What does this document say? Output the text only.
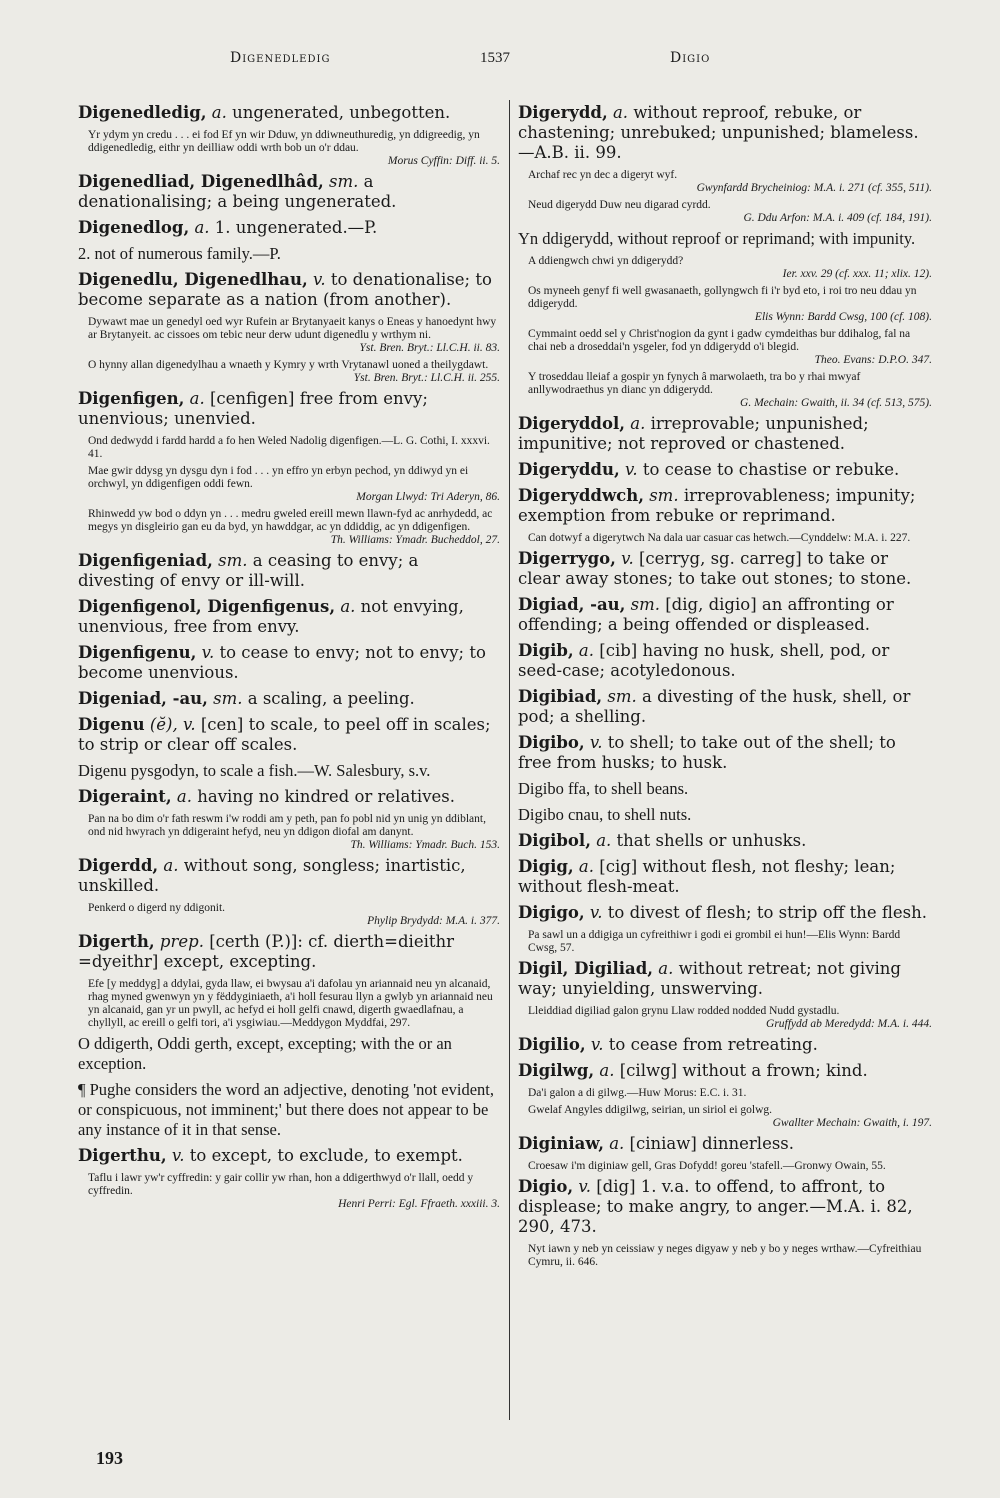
Digenedledig	1537	Digio
Digenedledig, a. ungenerated, unbegotten.
Yr ydym yn credu . . . ei fod Ef yn wir Dduw, yn ddiwneuthuredig, yn ddigreedig, yn ddigenedledig, eithr yn deilliaw oddi wrth bob un o'r ddau.
Morus Cyffin: Diff. ii. 5.
Digenedliad, Digenedlhâd, sm. a denationalising; a being ungenerated.
Digenedlog, a. 1. ungenerated.—P.
2. not of numerous family.—P.
Digenedlu, Digenedlhau, v. to denationalise; to become separate as a nation (from another).
Dywawt mae un genedyl oed wyr Rufein ar Brytanyaeit kanys o Eneas y hanoedynt hwy ar Brytanyeit. ac cissoes om tebic neur derw udunt digenedlu y wrthym ni.
Yst. Bren. Bryt.: Ll.C.H. ii. 83.
O hynny allan digenedylhau a wnaeth y Kymry y wrth Vrytanawl uoned a theilygdawt.
Yst. Bren. Bryt.: Ll.C.H. ii. 255.
Digenfigen, a. [cenfigen] free from envy; unenvious; unenvied.
Ond dedwydd i fardd hardd a fo hen Weled Nadolig digenfigen.—L. G. Cothi, I. xxxvi. 41.
Mae gwir ddysg yn dysgu dyn i fod . . . yn effro yn erbyn pechod, yn ddiwyd yn ei orchwyl, yn ddigenfigen oddi fewn.
Morgan Llwyd: Tri Aderyn, 86.
Rhinwedd yw bod o ddyn yn . . . medru gweled ereill mewn llawn-fyd ac anrhydedd, ac megys yn disgleirio gan eu da byd, yn hawddgar, ac yn ddiddig, ac yn ddigenfigen.
Th. Williams: Ymadr. Bucheddol, 27.
Digenfigeniad, sm. a ceasing to envy; a divesting of envy or ill-will.
Digenfigenol, Digenfigenus, a. not envying, unenvious, free from envy.
Digenfigenu, v. to cease to envy; not to envy; to become unenvious.
Digeniad, -au, sm. a scaling, a peeling.
Digenu (ĕ), v. [cen] to scale, to peel off in scales; to strip or clear off scales.
Digenu pysgodyn, to scale a fish.—W. Salesbury, s.v.
Digeraint, a. having no kindred or relatives.
Pan na bo dim o'r fath reswm i'w roddi am y peth, pan fo pobl nid yn unig yn ddiblant, ond nid hwyrach yn ddigeraint hefyd, neu yn ddigon diofal am danynt.
Th. Williams: Ymadr. Buch. 153.
Digerdd, a. without song, songless; inartistic, unskilled.
Penkerd o digerd ny ddigonit.
Phylip Brydydd: M.A. i. 377.
Digerth, prep. [certh (P.)]: cf. dierth=dieithr =dyeithr] except, excepting.
Efe [y meddyg] a ddylai, gyda llaw, ei bwysau a'i dafolau yn ariannaid neu yn alcanaid, rhag myned gwenwyn yn y fëddyginiaeth, a'i holl fesurau llyn a gwlyb yn ariannaid neu yn alcanaid, gan yr un pwyll, ac hefyd ei holl gelfi cnawd, digerth gwaedlafnau, a chyllyll, ac ereill o gelfi tori, a'i ysgiwiau.—Meddygon Myddfai, 297.
O ddigerth, Oddi gerth, except, excepting; with the or an exception.
¶ Pughe considers the word an adjective, denoting 'not evident, or conspicuous, not imminent;' but there does not appear to be any instance of it in that sense.
Digerthu, v. to except, to exclude, to exempt.
Taflu i lawr yw'r cyffredin: y gair collir yw rhan, hon a ddigerthwyd o'r llall, oedd y cyffredin.
Henri Perri: Egl. Ffraeth. xxxiii. 3.
Digerydd, a. without reproof, rebuke, or chastening; unrebuked; unpunished; blameless.—A.B. ii. 99.
Archaf rec yn dec a digeryt wyf.
Gwynfardd Brycheiniog: M.A. i. 271 (cf. 355, 511).
Neud digerydd Duw neu digarad cyrdd.
G. Ddu Arfon: M.A. i. 409 (cf. 184, 191).
Yn ddigerydd, without reproof or reprimand; with impunity.
A ddiengwch chwi yn ddigerydd?
Ier. xxv. 29 (cf. xxx. 11; xlix. 12).
Os myneeh genyf fi well gwasanaeth, gollyngwch fi i'r byd eto, i roi tro neu ddau yn ddigerydd.
Elis Wynn: Bardd Cwsg, 100 (cf. 108).
Cymmaint oedd sel y Christ'nogion da gynt i gadw cymdeithas bur ddihalog, fal na chai neb a droseddai'n ysgeler, fod yn ddigerydd o'i blegid.
Theo. Evans: D.P.O. 347.
Y troseddau lleiaf a gospir yn fynych â marwolaeth, tra bo y rhai mwyaf anllywodraethus yn dianc yn ddigerydd.
G. Mechain: Gwaith, ii. 34 (cf. 513, 575).
Digeryddol, a. irreprovable; unpunished; impunitive; not reproved or chastened.
Digeryddu, v. to cease to chastise or rebuke.
Digeryddwch, sm. irreprovableness; impunity; exemption from rebuke or reprimand.
Can dotwyf a digerytwch Na dala uar casuar cas hetwch.—Cynddelw: M.A. i. 227.
Digerrygo, v. [cerryg, sg. carreg] to take or clear away stones; to take out stones; to stone.
Digiad, -au, sm. [dig, digio] an affronting or offending; a being offended or displeased.
Digib, a. [cib] having no husk, shell, pod, or seed-case; acotyledonous.
Digibiad, sm. a divesting of the husk, shell, or pod; a shelling.
Digibo, v. to shell; to take out of the shell; to free from husks; to husk.
Digibo ffa, to shell beans.
Digibo cnau, to shell nuts.
Digibol, a. that shells or unhusks.
Digig, a. [cig] without flesh, not fleshy; lean; without flesh-meat.
Digigo, v. to divest of flesh; to strip off the flesh.
Pa sawl un a ddigiga un cyfreithiwr i godi ei grombil ei hun!—Elis Wynn: Bardd Cwsg, 57.
Digil, Digiliad, a. without retreat; not giving way; unyielding, unswerving.
Lleiddiad digiliad galon grynu Llaw rodded nodded Nudd gystadlu.
Gruffydd ab Meredydd: M.A. i. 444.
Digilio, v. to cease from retreating.
Digilwg, a. [cilwg] without a frown; kind.
Da'i galon a di gilwg.—Huw Morus: E.C. i. 31.
Gwelaf Angyles ddigilwg, seirian, un siriol ei golwg.
Gwallter Mechain: Gwaith, i. 197.
Diginiaw, a. [ciniaw] dinnerless.
Croesaw i'm diginiaw gell, Gras Dofydd! goreu 'stafell.—Gronwy Owain, 55.
Digio, v. [dig] 1. v.a. to offend, to affront, to displease; to make angry, to anger.—M.A. i. 82, 290, 473.
Nyt iawn y neb yn ceissiaw y neges digyaw y neb y bo y neges wrthaw.—Cyfreithiau Cymru, ii. 646.
193
